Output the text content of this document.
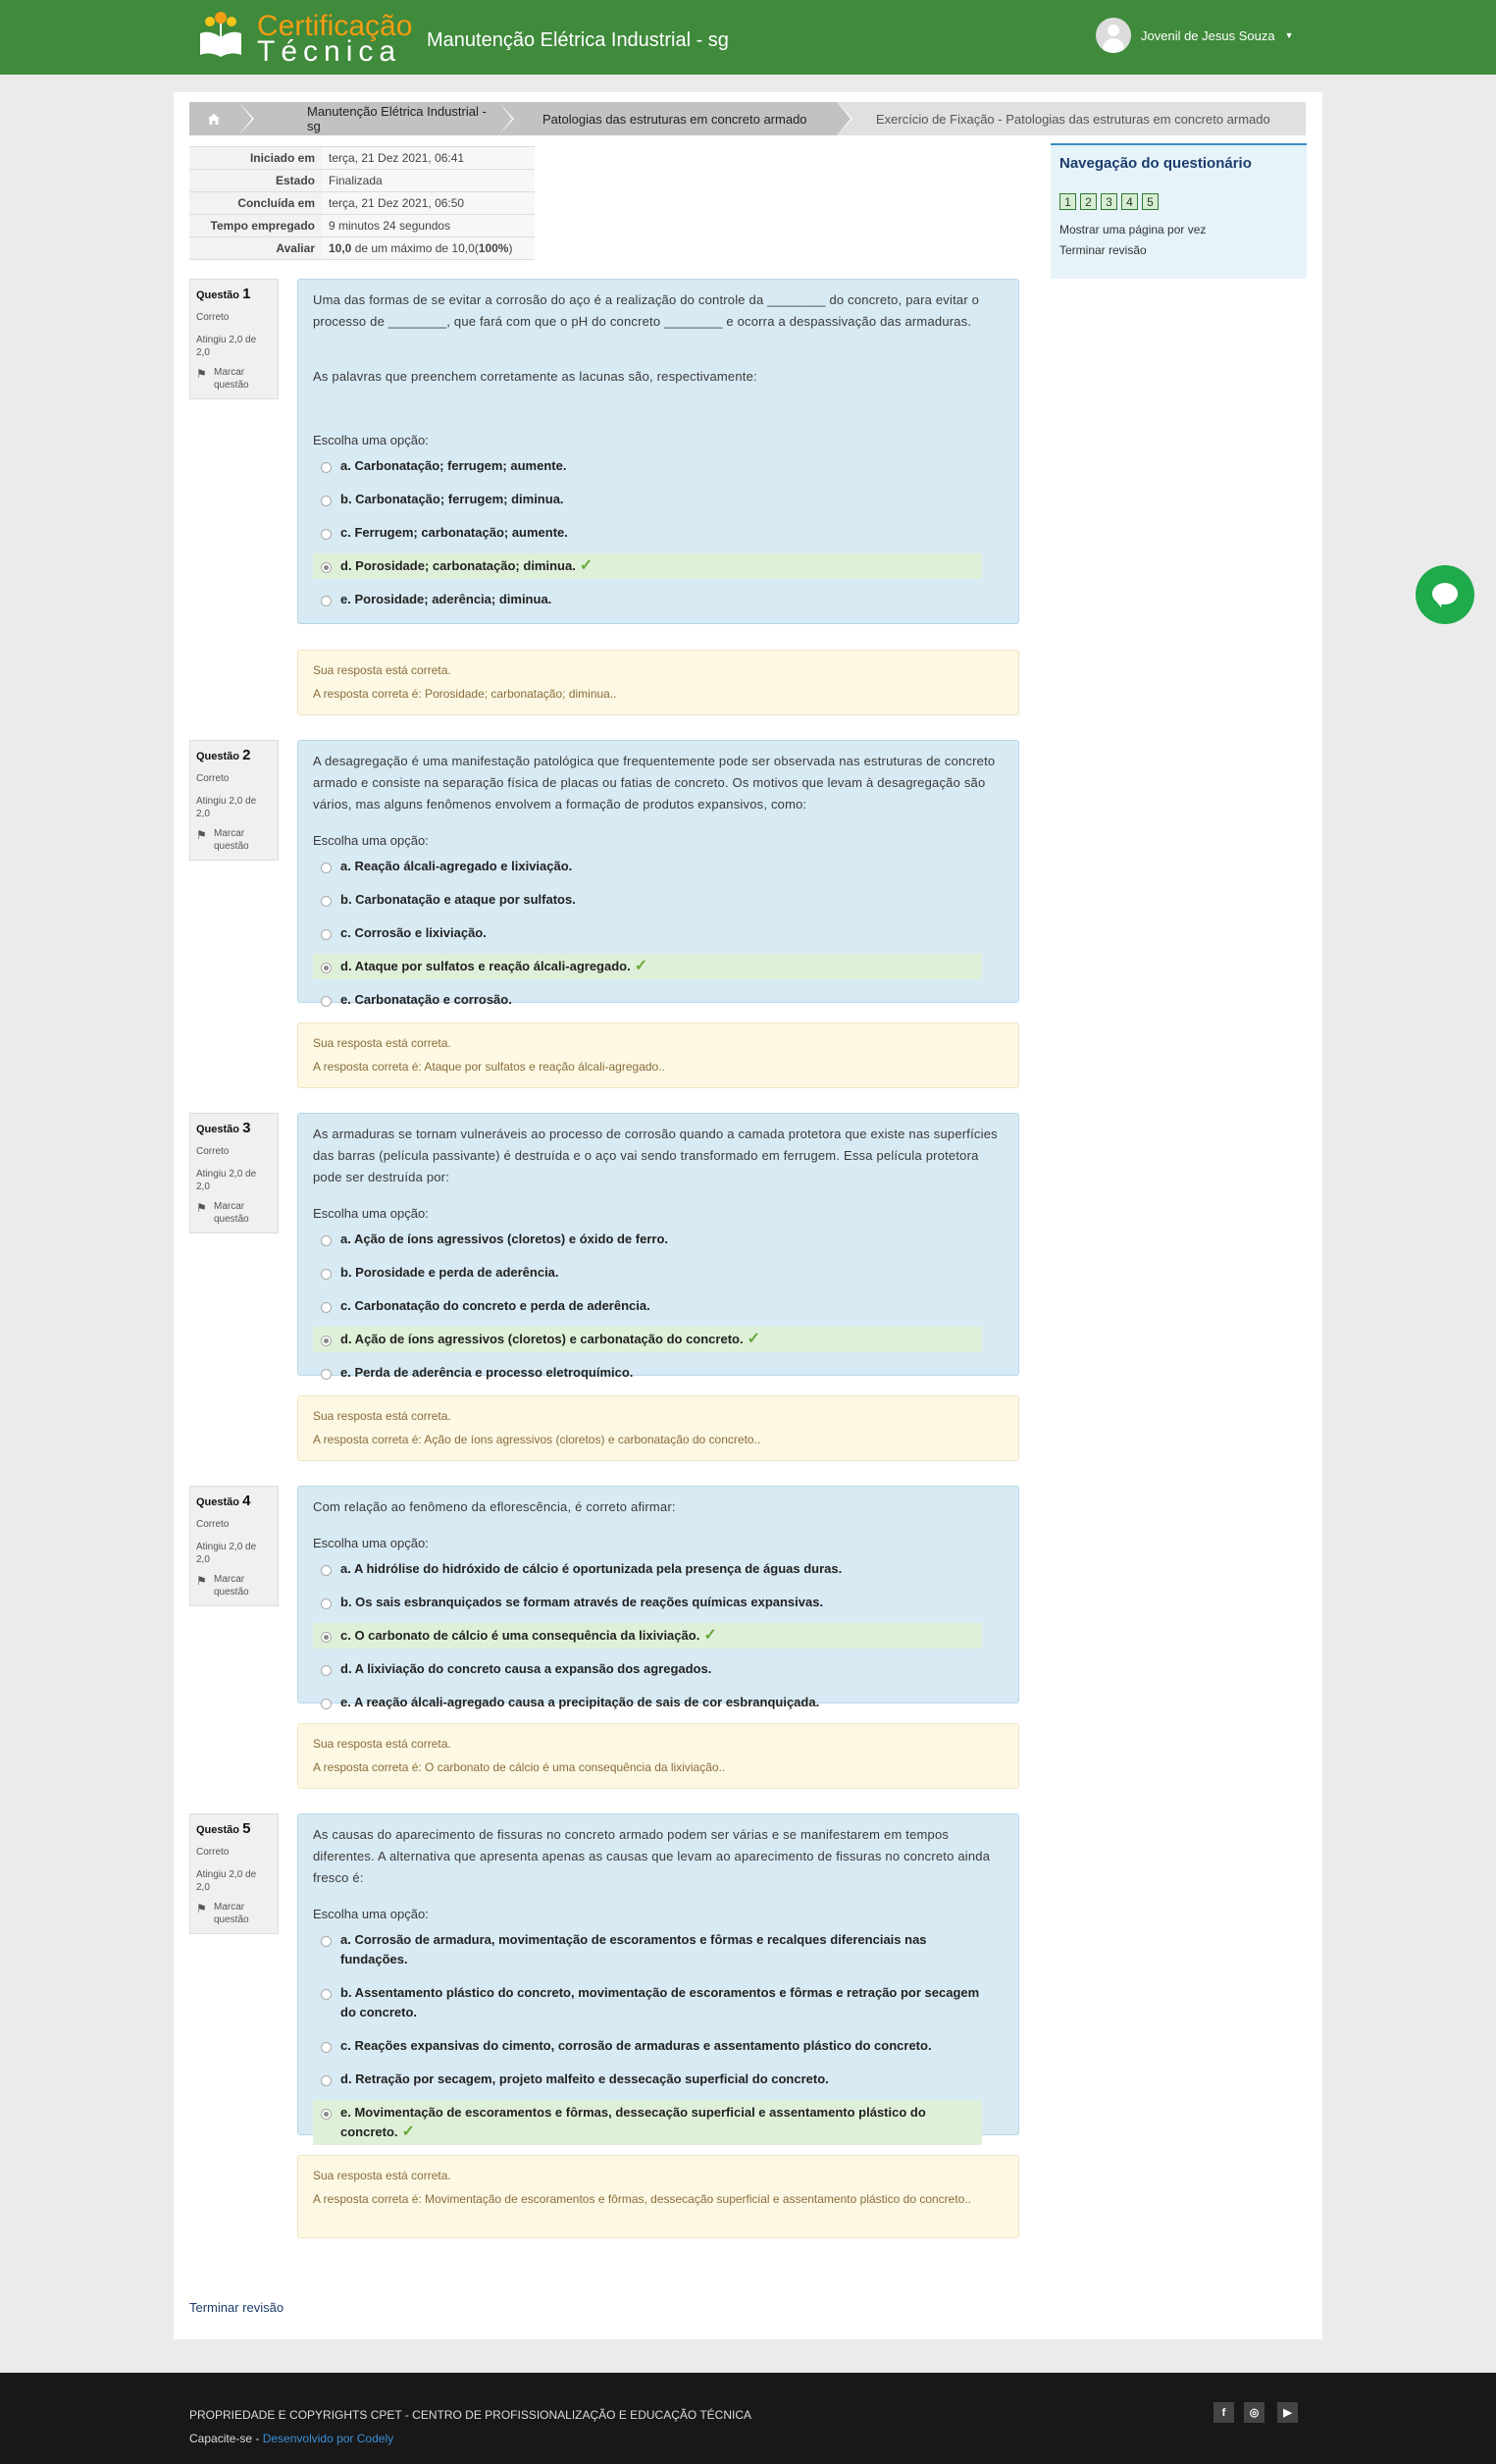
Certificação
Técnica Manutenção Elétrica Industrial - sg	Jovenil de Jesus Souza ▼
Manutenção Elétrica Industrial - sg	Patologias das estruturas em concreto armado	Exercício de Fixação - Patologias das estruturas em concreto armado
Iniciado em	terça, 21 Dez 2021, 06:41
Estado	Finalizada
Concluída em	terça, 21 Dez 2021, 06:50
Tempo empregado	9 minutos 24 segundos
Avaliar	10,0 de um máximo de 10,0(100%)
Navegação do questionário
1	2	3	4	5
Mostrar uma página por vez
Terminar revisão
Questão 1
Correto
Atingiu 2,0 de 2,0
⚑ Marcar questão

Uma das formas de se evitar a corrosão do aço é a realização do controle da ________ do concreto, para evitar o processo de ________, que fará com que o pH do concreto ________ e ocorra a despassivação das armaduras.

As palavras que preenchem corretamente as lacunas são, respectivamente:

Escolha uma opção:
a. Carbonatação; ferrugem; aumente.
b. Carbonatação; ferrugem; diminua.
c. Ferrugem; carbonatação; aumente.
d. Porosidade; carbonatação; diminua. ✓
e. Porosidade; aderência; diminua.
Sua resposta está correta.
A resposta correta é: Porosidade; carbonatação; diminua..
Questão 2
Correto
Atingiu 2,0 de 2,0
⚑ Marcar questão

A desagregação é uma manifestação patológica que frequentemente pode ser observada nas estruturas de concreto armado e consiste na separação física de placas ou fatias de concreto. Os motivos que levam à desagregação são vários, mas alguns fenômenos envolvem a formação de produtos expansivos, como:

Escolha uma opção:
a. Reação álcali-agregado e lixiviação.
b. Carbonatação e ataque por sulfatos.
c. Corrosão e lixiviação.
d. Ataque por sulfatos e reação álcali-agregado. ✓
e. Carbonatação e corrosão.
Sua resposta está correta.
A resposta correta é: Ataque por sulfatos e reação álcali-agregado..
Questão 3
Correto
Atingiu 2,0 de 2,0
⚑ Marcar questão

As armaduras se tornam vulneráveis ao processo de corrosão quando a camada protetora que existe nas superfícies das barras (película passivante) é destruída e o aço vai sendo transformado em ferrugem. Essa película protetora pode ser destruída por:

Escolha uma opção:
a. Ação de íons agressivos (cloretos) e óxido de ferro.
b. Porosidade e perda de aderência.
c. Carbonatação do concreto e perda de aderência.
d. Ação de íons agressivos (cloretos) e carbonatação do concreto. ✓
e. Perda de aderência e processo eletroquímico.
Sua resposta está correta.
A resposta correta é: Ação de íons agressivos (cloretos) e carbonatação do concreto..
Questão 4
Correto
Atingiu 2,0 de 2,0
⚑ Marcar questão

Com relação ao fenômeno da eflorescência, é correto afirmar:

Escolha uma opção:
a. A hidrólise do hidróxido de cálcio é oportunizada pela presença de águas duras.
b. Os sais esbranquiçados se formam através de reações químicas expansivas.
c. O carbonato de cálcio é uma consequência da lixiviação. ✓
d. A lixiviação do concreto causa a expansão dos agregados.
e. A reação álcali-agregado causa a precipitação de sais de cor esbranquiçada.
Sua resposta está correta.
A resposta correta é: O carbonato de cálcio é uma consequência da lixiviação..
Questão 5
Correto
Atingiu 2,0 de 2,0
⚑ Marcar questão

As causas do aparecimento de fissuras no concreto armado podem ser várias e se manifestarem em tempos diferentes. A alternativa que apresenta apenas as causas que levam ao aparecimento de fissuras no concreto ainda fresco é:

Escolha uma opção:
a. Corrosão de armadura, movimentação de escoramentos e fôrmas e recalques diferenciais nas fundações.
b. Assentamento plástico do concreto, movimentação de escoramentos e fôrmas e retração por secagem do concreto.
c. Reações expansivas do cimento, corrosão de armaduras e assentamento plástico do concreto.
d. Retração por secagem, projeto malfeito e dessecação superficial do concreto.
e. Movimentação de escoramentos e fôrmas, dessecação superficial e assentamento plástico do concreto. ✓
Sua resposta está correta.
A resposta correta é: Movimentação de escoramentos e fôrmas, dessecação superficial e assentamento plástico do concreto..
Terminar revisão
PROPRIEDADE E COPYRIGHTS CPET - CENTRO DE PROFISSIONALIZAÇÃO E EDUCAÇÃO TÉCNICA
Capacite-se - Desenvolvido por Codely
f	◎	▶
